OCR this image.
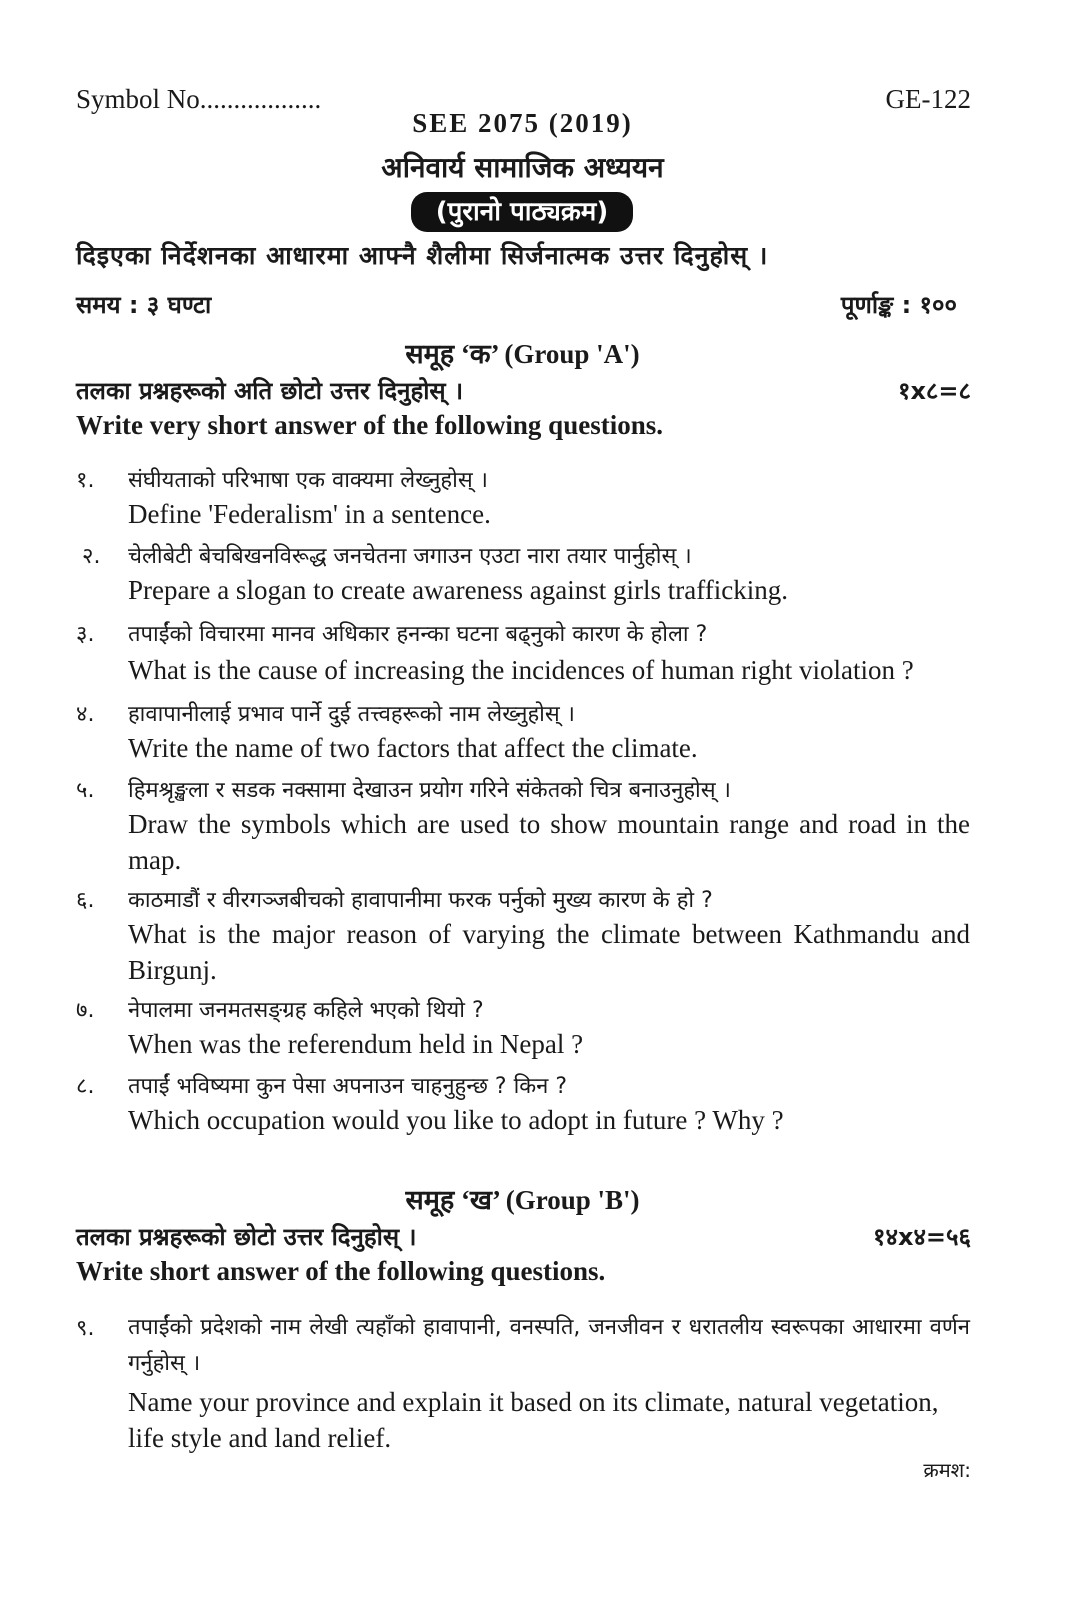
Symbol No..................	GE-122
SEE 2075 (2019)
अनिवार्य सामाजिक अध्ययन
(पुरानो पाठ्यक्रम)
दिइएका निर्देशनका आधारमा आफ्नै शैलीमा सिर्जनात्मक उत्तर दिनुहोस् ।
समय : ३ घण्टा	पूर्णाङ्क : १००
समूह ‘क’ (Group 'A')
तलका प्रश्नहरूको अति छोटो उत्तर दिनुहोस् ।	१x८=८
Write very short answer of the following questions.
१. संघीयताको परिभाषा एक वाक्यमा लेख्नुहोस् ।
Define 'Federalism' in a sentence.
२. चेलीबेटी बेचबिखनविरूद्ध जनचेतना जगाउन एउटा नारा तयार पार्नुहोस् ।
Prepare a slogan to create awareness against girls trafficking.
३. तपाईंको विचारमा मानव अधिकार हनन्का घटना बढ्नुको कारण के होला ?
What is the cause of increasing the incidences of human right violation ?
४. हावापानीलाई प्रभाव पार्ने दुई तत्त्वहरूको नाम लेख्नुहोस् ।
Write the name of two factors that affect the climate.
५. हिमश्रृङ्खला र सडक नक्सामा देखाउन प्रयोग गरिने संकेतको चित्र बनाउनुहोस् ।
Draw the symbols which are used to show mountain range and road in the map.
६. काठमाडौं र वीरगञ्जबीचको हावापानीमा फरक पर्नुको मुख्य कारण के हो ?
What is the major reason of varying the climate between Kathmandu and Birgunj.
७. नेपालमा जनमतसङ्ग्रह कहिले भएको थियो ?
When was the referendum held in Nepal ?
८. तपाईं भविष्यमा कुन पेसा अपनाउन चाहनुहुन्छ ? किन ?
Which occupation would you like to adopt in future ? Why ?
समूह ‘ख’ (Group 'B')
तलका प्रश्नहरूको छोटो उत्तर दिनुहोस् ।	१४x४=५६
Write short answer of the following questions.
९. तपाईंको प्रदेशको नाम लेखी त्यहाँको हावापानी, वनस्पति, जनजीवन र धरातलीय स्वरूपका आधारमा वर्णन गर्नुहोस् ।
Name your province and explain it based on its climate, natural vegetation, life style and land relief.
क्रमश:
